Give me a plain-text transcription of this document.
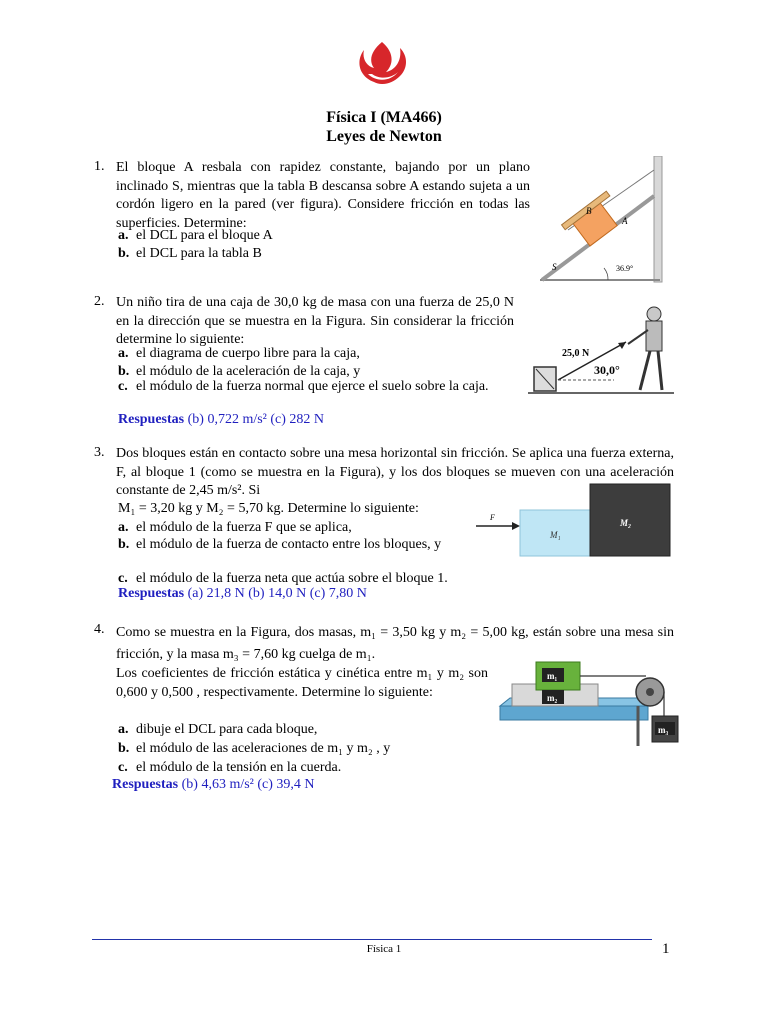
Física I (MA466)
Leyes de Newton
1. El bloque A resbala con rapidez constante, bajando por un plano inclinado S, mientras que la tabla B descansa sobre A estando sujeta a un cordón ligero en la pared (ver figura). Considere fricción en todas las superficies. Determine:
a. el DCL para el bloque A
b. el DCL para la tabla B
B
A
S	36.9°
2. Un niño tira de una caja de 30,0 kg de masa con una fuerza de 25,0 N en la dirección que se muestra en la Figura. Sin considerar la fricción determine lo siguiente:
a. el diagrama de cuerpo libre para la caja,
b. el módulo de la aceleración de la caja, y
c. el módulo de la fuerza normal que ejerce el suelo sobre la caja.
Respuestas (b) 0,722 m/s² (c) 282 N
25,0 N
30,0°
3. Dos bloques están en contacto sobre una mesa horizontal sin fricción. Se aplica una fuerza externa, F, al bloque 1 (como se muestra en la Figura), y los dos bloques se mueven con una aceleración constante de 2,45 m/s². Si
M₁ = 3,20 kg y M₂ = 5,70 kg. Determine lo siguiente:
a. el módulo de la fuerza F que se aplica,
b. el módulo de la fuerza de contacto entre los bloques, y
c. el módulo de la fuerza neta que actúa sobre el bloque 1.
Respuestas (a) 21,8 N (b) 14,0 N (c) 7,80 N
F
M₁
M₂
4. Como se muestra en la Figura, dos masas, m₁ = 3,50 kg y m₂ = 5,00 kg, están sobre una mesa sin fricción, y la masa m₃ = 7,60 kg cuelga de m₁.
Los coeficientes de fricción estática y cinética entre m₁ y m₂ son 0,600 y 0,500 , respectivamente. Determine lo siguiente:
a. dibuje el DCL para cada bloque,
b. el módulo de las aceleraciones de m₁ y m₂ , y
c. el módulo de la tensión en la cuerda.
Respuestas (b) 4,63 m/s² (c) 39,4 N
m₁
m₂
m₃
Física 1	1
